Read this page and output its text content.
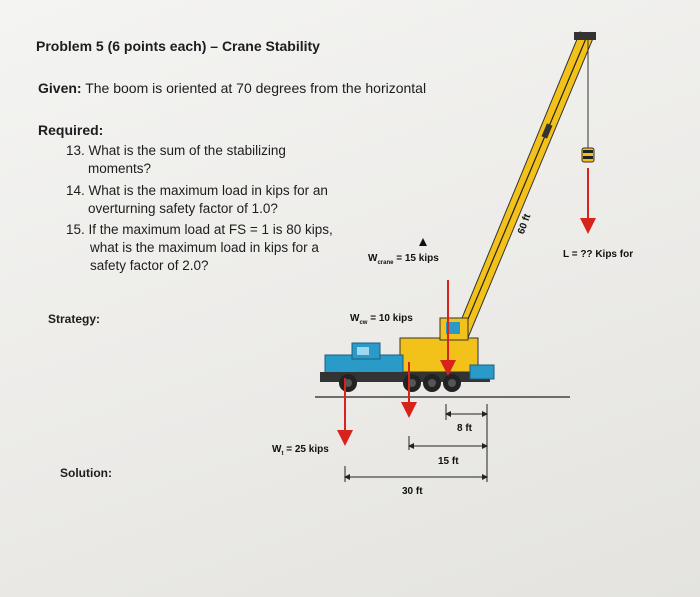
Problem 5 (6 points each) – Crane Stability
Given: The boom is oriented at 70 degrees from the horizontal
Required:
13. What is the sum of the stabilizing
moments?
14. What is the maximum load in kips for an
overturning safety factor of 1.0?
15. If the maximum load at FS = 1 is 80 kips,
what is the maximum load in kips for a
safety factor of 2.0?
Strategy:
Solution:
$W_{crane} = 15$ kips
$W_{cw} = 10$ kips
$W_t = 25$ kips
L = ?? Kips for
60 ft
8 ft
15 ft
30 ft
